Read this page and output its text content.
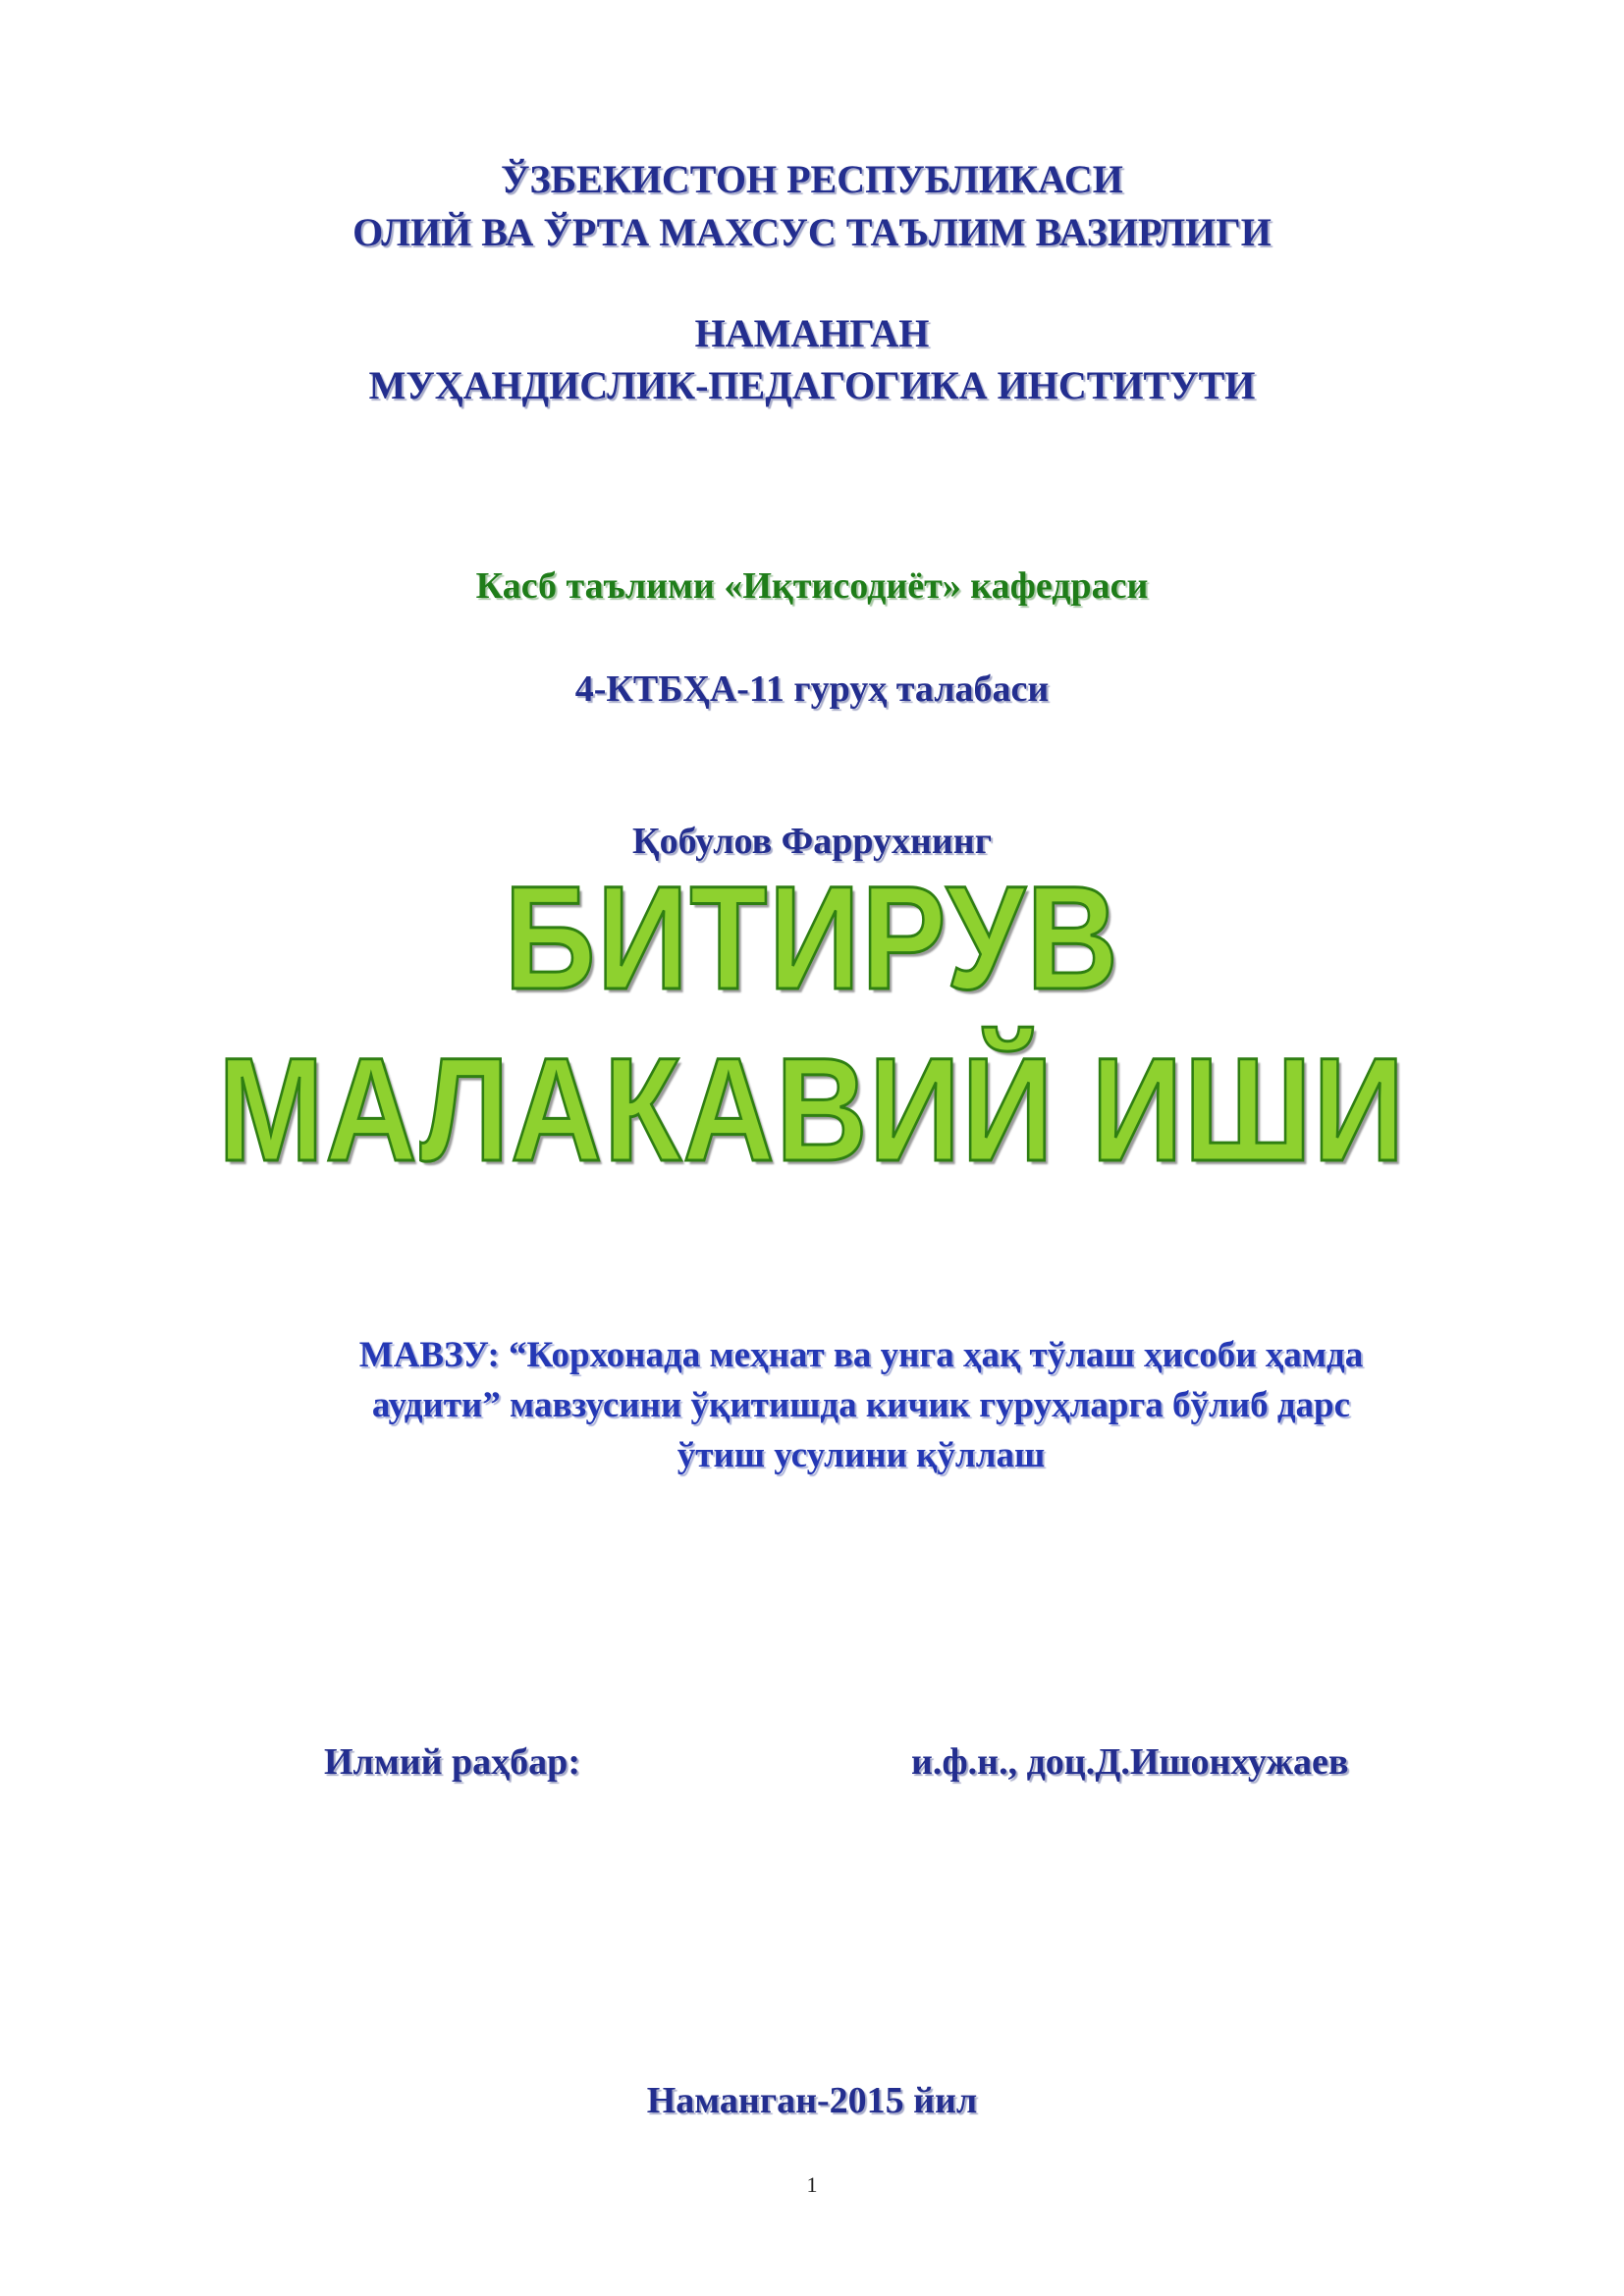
ЎЗБЕКИСТОН РЕСПУБЛИКАСИ
ОЛИЙ ВА ЎРТА МАХСУС ТАЪЛИМ ВАЗИРЛИГИ
НАМАНГАН
МУҲАНДИСЛИК-ПЕДАГОГИКА ИНСТИТУТИ
Касб таълими «Иқтисодиёт» кафедраси
4-КТБҲА-11 гуруҳ талабаси
Қобулов Фаррухнинг
БИТИРУВ
МАЛАКАВИЙ ИШИ
МАВЗУ: “Корхонада меҳнат ва унга ҳақ тўлаш ҳисоби ҳамда
аудити” мавзусини ўқитишда кичик гуруҳларга бўлиб дарс
ўтиш усулини қўллаш
Илмий раҳбар:	и.ф.н., доц.Д.Ишонхужаев
Наманган-2015 йил
1
